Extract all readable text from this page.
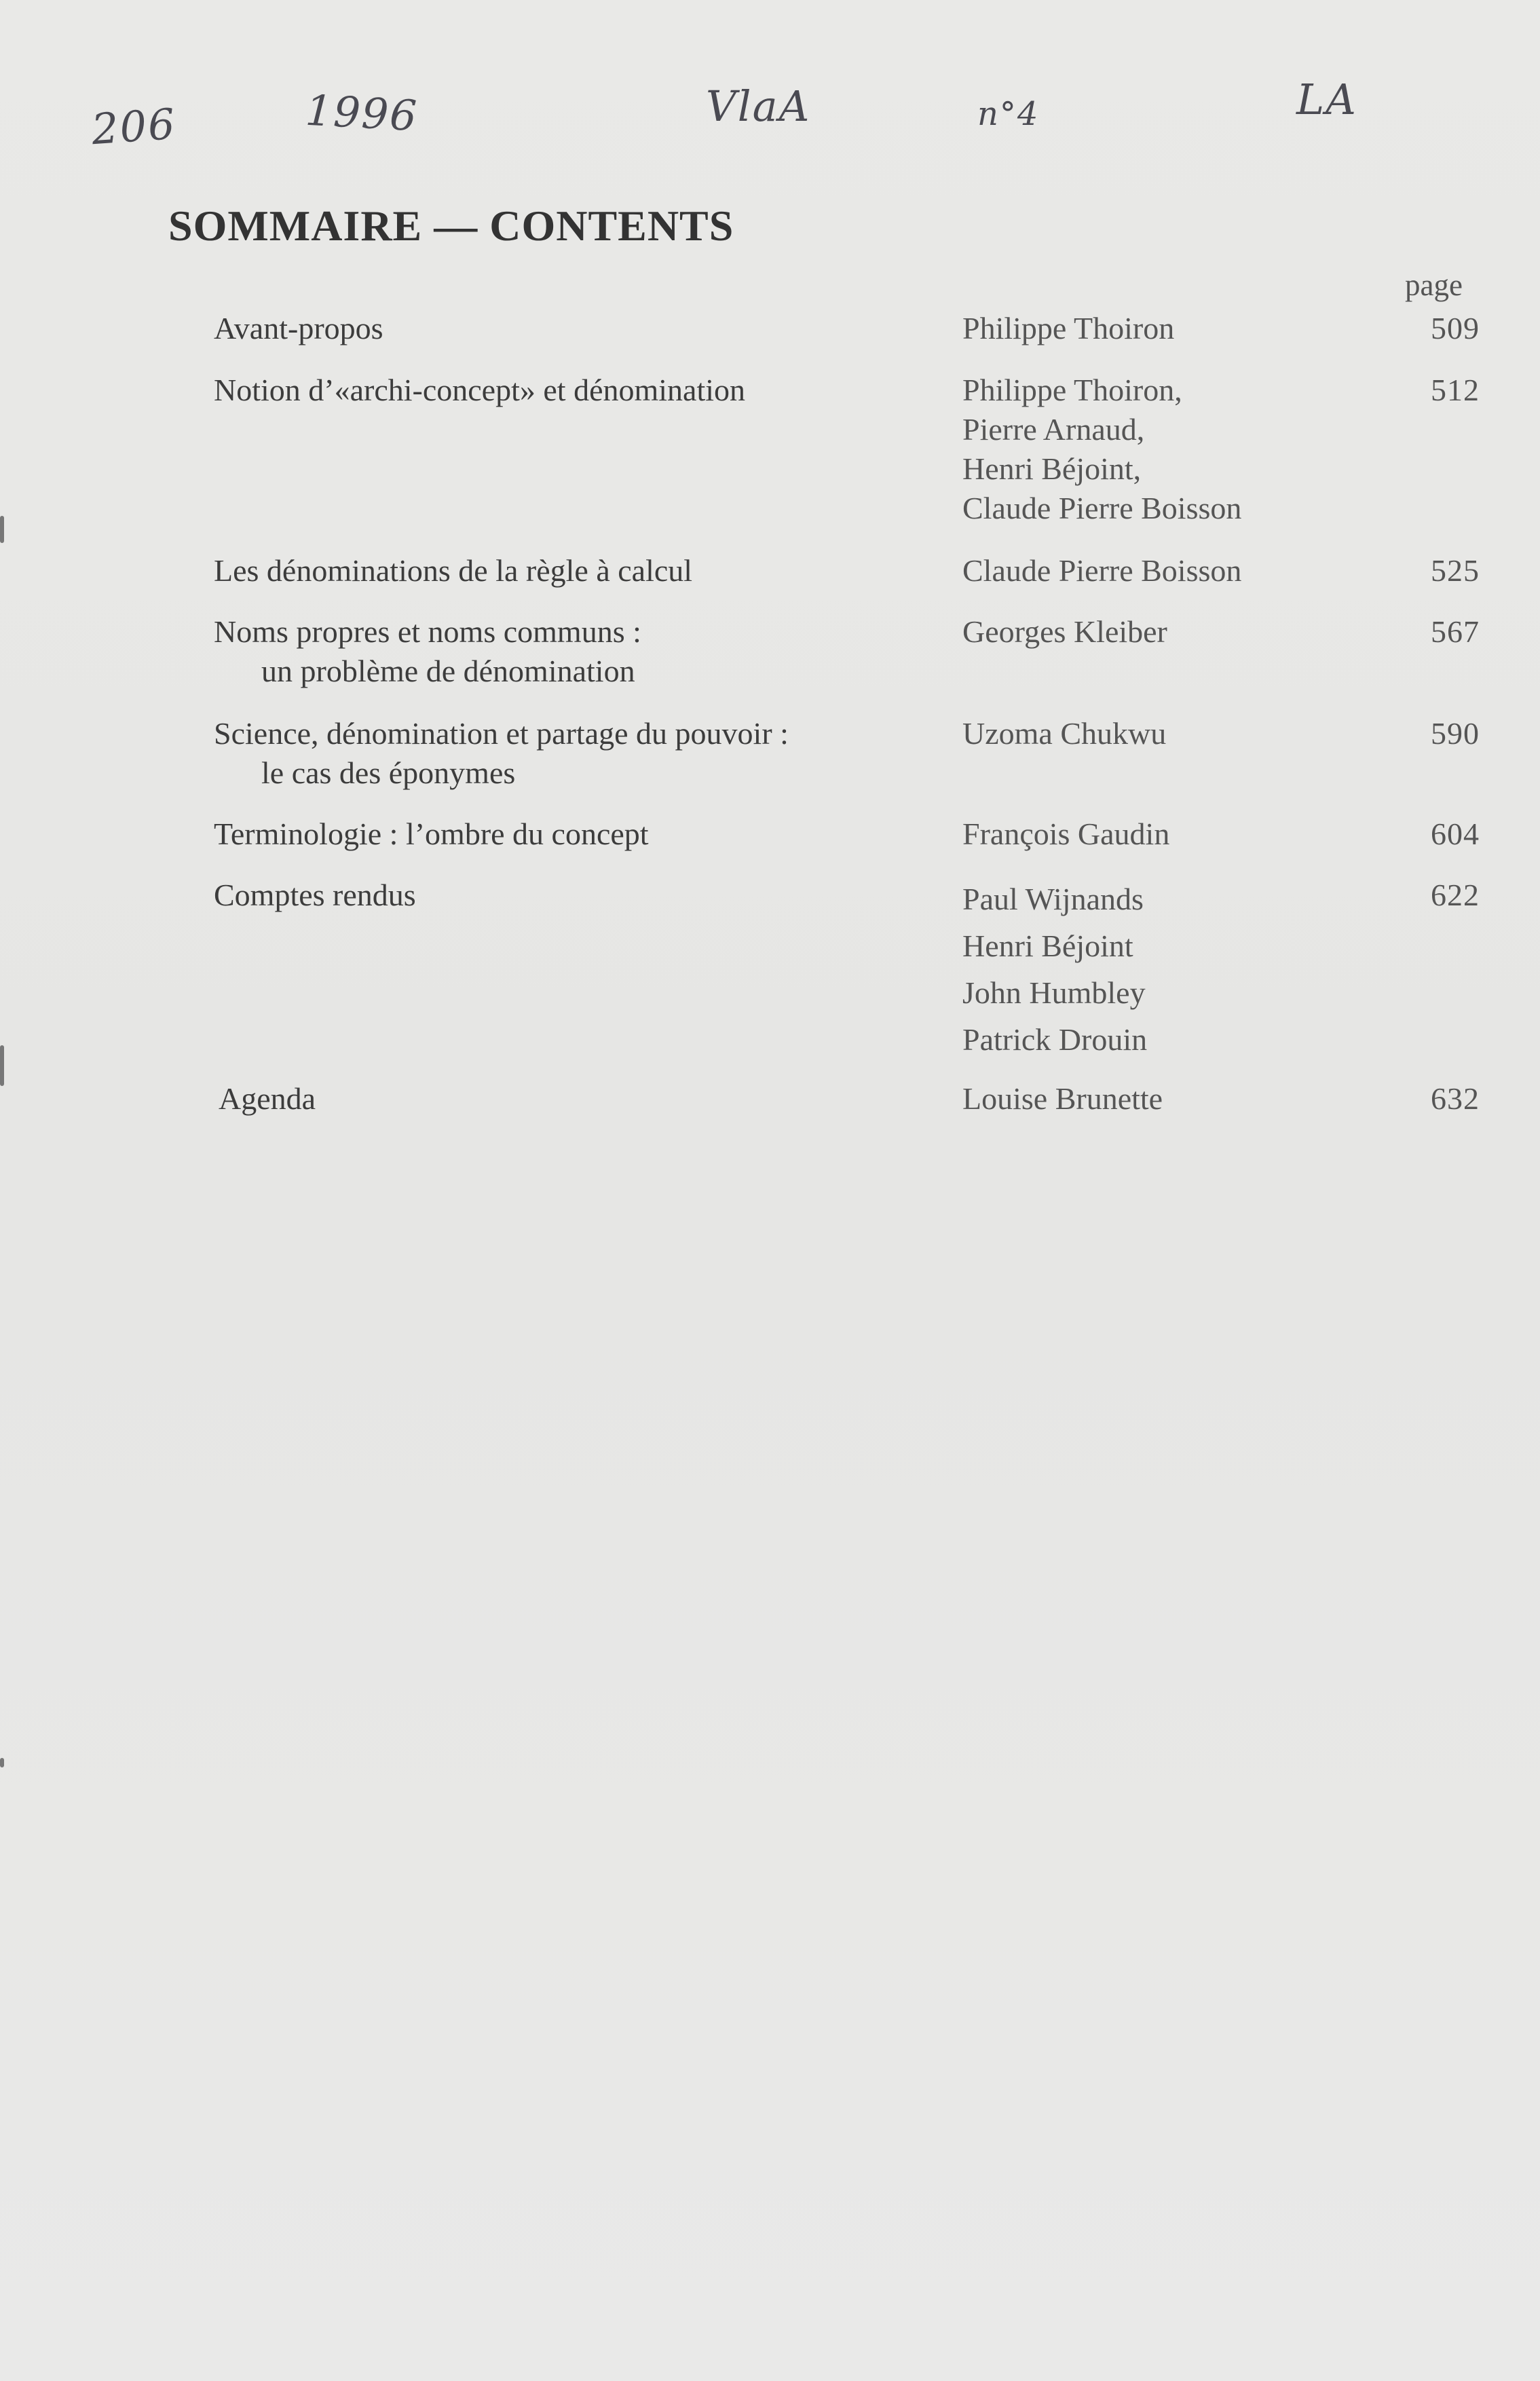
206	1996	VlaA	n°4	LA
SOMMAIRE — CONTENTS
page
Avant-propos	Philippe Thoiron	509
Notion d’«archi-concept» et dénomination	Philippe Thoiron,
Pierre Arnaud,
Henri Béjoint,
Claude Pierre Boisson
512
Les dénominations de la règle à calcul	Claude Pierre Boisson	525
Noms propres et noms communs :
un problème de dénomination
Georges Kleiber	567
Science, dénomination et partage du pouvoir :
le cas des éponymes
Uzoma Chukwu	590
Terminologie : l’ombre du concept	François Gaudin	604
Comptes rendus	Paul Wijnands
Henri Béjoint
John Humbley
Patrick Drouin
622
Agenda	Louise Brunette	632
